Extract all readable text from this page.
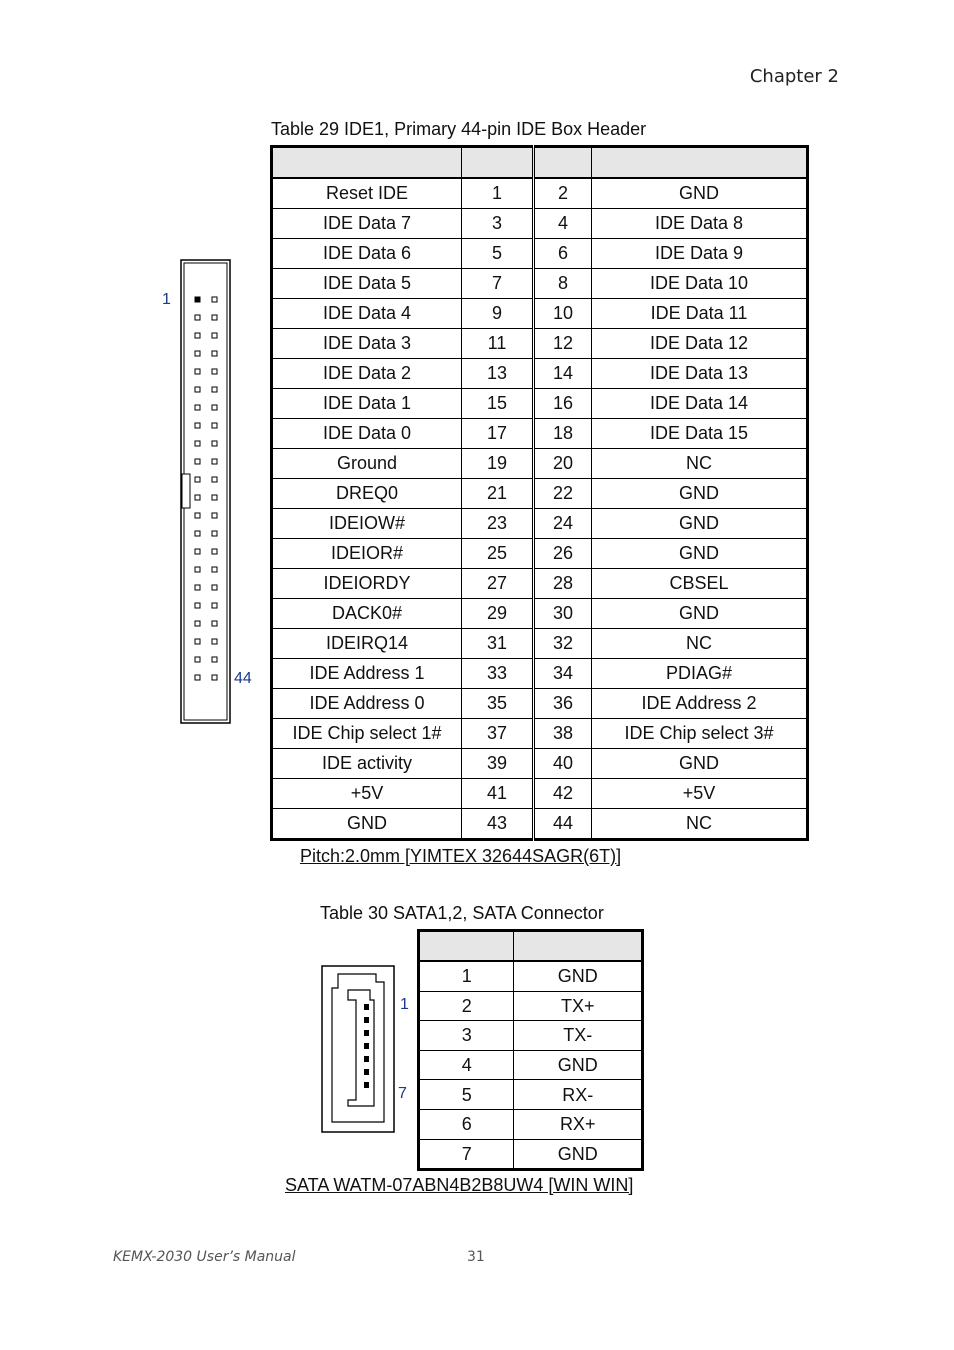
Chapter 2
Table 29 IDE1, Primary 44-pin IDE Box Header

Reset IDE	1	2	GND
IDE Data 7	3	4	IDE Data 8
IDE Data 6	5	6	IDE Data 9
IDE Data 5	7	8	IDE Data 10
IDE Data 4	9	10	IDE Data 11
IDE Data 3	11	12	IDE Data 12
IDE Data 2	13	14	IDE Data 13
IDE Data 1	15	16	IDE Data 14
IDE Data 0	17	18	IDE Data 15
Ground	19	20	NC
DREQ0	21	22	GND
IDEIOW#	23	24	GND
IDEIOR#	25	26	GND
IDEIORDY	27	28	CBSEL
DACK0#	29	30	GND
IDEIRQ14	31	32	NC
IDE Address 1	33	34	PDIAG#
IDE Address 0	35	36	IDE Address 2
IDE Chip select 1#	37	38	IDE Chip select 3#
IDE activity	39	40	GND
+5V	41	42	+5V
GND	43	44	NC
1
44
Pitch:2.0mm [YIMTEX 32644SAGR(6T)]
Table 30 SATA1,2, SATA Connector

1	GND
2	TX+
3	TX-
4	GND
5	RX-
6	RX+
7	GND
1
7
SATA WATM-07ABN4B2B8UW4 [WIN WIN]
KEMX-2030 User’s Manual	31
